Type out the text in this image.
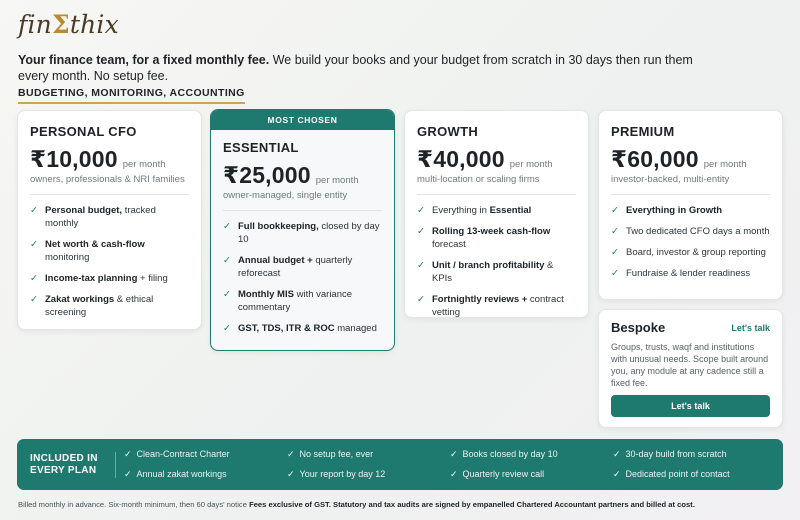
finΣthix
Your finance team, for a fixed monthly fee. We build your books and your budget from scratch in 30 days then run them every month. No setup fee.
BUDGETING, MONITORING, ACCOUNTING
PERSONAL CFO
₹10,000 per month
owners, professionals & NRI families
✓ Personal budget, tracked monthly
✓ Net worth & cash-flow monitoring
✓ Income-tax planning + filing
✓ Zakat workings & ethical screening
MOST CHOSEN
ESSENTIAL
₹25,000 per month
owner-managed, single entity
✓ Full bookkeeping, closed by day 10
✓ Annual budget + quarterly reforecast
✓ Monthly MIS with variance commentary
✓ GST, TDS, ITR & ROC managed
GROWTH
₹40,000 per month
multi-location or scaling firms
✓ Everything in Essential
✓ Rolling 13-week cash-flow forecast
✓ Unit / branch profitability & KPIs
✓ Fortnightly reviews + contract vetting
PREMIUM
₹60,000 per month
investor-backed, multi-entity
✓ Everything in Growth
✓ Two dedicated CFO days a month
✓ Board, investor & group reporting
✓ Fundraise & lender readiness
Bespoke	Let's talk
Groups, trusts, waqf and institutions with unusual needs. Scope built around you, any module at any cadence still a fixed fee.
Let's talk
INCLUDED IN
EVERY PLAN
✓ Clean-Contract Charter	✓ No setup fee, ever	✓ Books closed by day 10	✓ 30-day build from scratch
✓ Annual zakat workings	✓ Your report by day 12	✓ Quarterly review call	✓ Dedicated point of contact
Billed monthly in advance. Six-month minimum, then 60 days' notice Fees exclusive of GST. Statutory and tax audits are signed by empanelled Chartered Accountant partners and billed at cost.
